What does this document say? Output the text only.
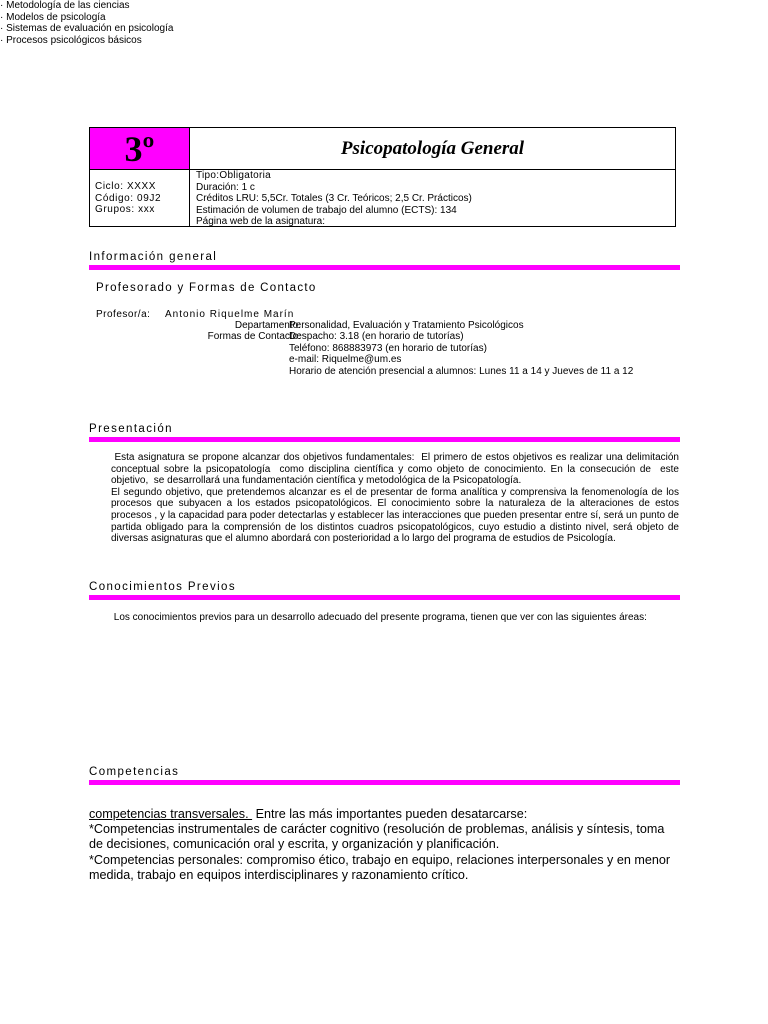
3º	Psicopatología General
Ciclo: XXXX
Código: 09J2
Grupos: xxx
Tipo:Obligatoria
Duración: 1 c
Créditos LRU: 5,5Cr. Totales (3 Cr. Teóricos; 2,5 Cr. Prácticos)
Estimación de volumen de trabajo del alumno (ECTS): 134
Página web de la asignatura:
Información general
Profesorado y Formas de Contacto
Profesor/a: Antonio Riquelme Marín
Departamento:
Personalidad, Evaluación y Tratamiento Psicológicos
Formas de Contacto:
Despacho: 3.18 (en horario de tutorías)
Teléfono: 868883973 (en horario de tutorías)
e-mail: Riquelme@um.es
Horario de atención presencial a alumnos: Lunes 11 a 14 y Jueves de 11 a 12
Presentación
Esta asignatura se propone alcanzar dos objetivos fundamentales:  El primero de estos objetivos es realizar una delimitación conceptual sobre la psicopatología  como disciplina científica y como objeto de conocimiento. En la consecución de  este objetivo,  se desarrollará una fundamentación científica y metodológica de la Psicopatología.
El segundo objetivo, que pretendemos alcanzar es el de presentar de forma analítica y comprensiva la fenomenología de los procesos que subyacen a los estados psicopatológicos. El conocimiento sobre la naturaleza de la alteraciones de estos procesos , y la capacidad para poder detectarlas y establecer las interacciones que pueden presentar entre sí, será un punto de partida obligado para la comprensión de los distintos cuadros psicopatológicos, cuyo estudio a distinto nivel, será objeto de diversas asignaturas que el alumno abordará con posterioridad a lo largo del programa de estudios de Psicología.
Conocimientos Previos
Los conocimientos previos para un desarrollo adecuado del presente programa, tienen que ver con las siguientes áreas:
· Metodología de las ciencias
· Modelos de psicología
· Sistemas de evaluación en psicología
· Procesos psicológicos básicos
Competencias
competencias transversales.  Entre las más importantes pueden desatarcarse:
*Competencias instrumentales de carácter cognitivo (resolución de problemas, análisis y síntesis, toma de decisiones, comunicación oral y escrita, y organización y planificación.
*Competencias personales: compromiso ético, trabajo en equipo, relaciones interpersonales y en menor medida, trabajo en equipos interdisciplinares y razonamiento crítico.
